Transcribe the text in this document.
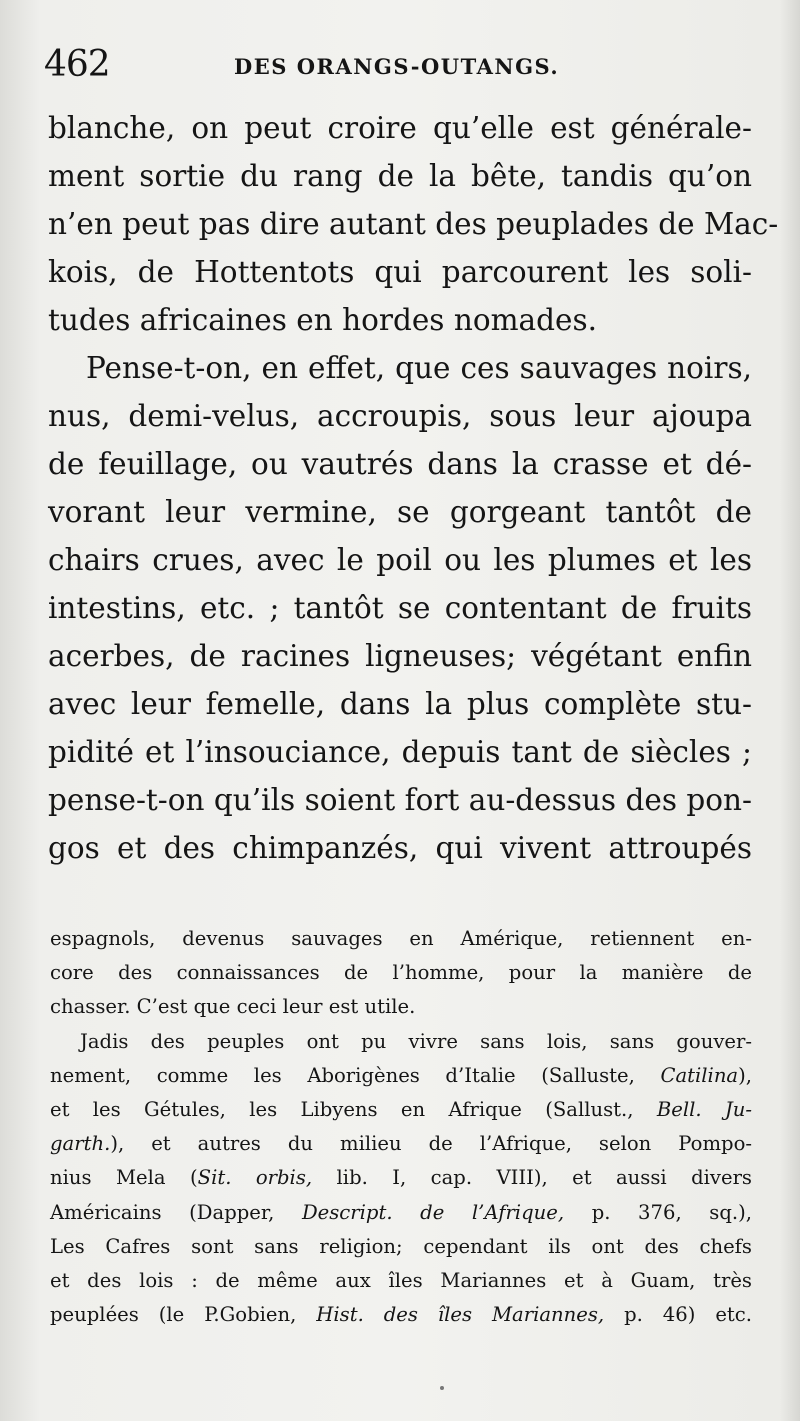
462	DES ORANGS-OUTANGS.
blanche, on peut croire qu’elle est générale-
ment sortie du rang de la bête, tandis qu’on
n’en peut pas dire autant des peuplades de Mac-
kois, de Hottentots qui parcourent les soli-
tudes africaines en hordes nomades.
Pense-t-on, en effet, que ces sauvages noirs,
nus, demi-velus, accroupis, sous leur ajoupa
de feuillage, ou vautrés dans la crasse et dé-
vorant leur vermine, se gorgeant tantôt de
chairs crues, avec le poil ou les plumes et les
intestins, etc. ; tantôt se contentant de fruits
acerbes, de racines ligneuses; végétant enfin
avec leur femelle, dans la plus complète stu-
pidité et l’insouciance, depuis tant de siècles ;
pense-t-on qu’ils soient fort au-dessus des pon-
gos et des chimpanzés, qui vivent attroupés
espagnols, devenus sauvages en Amérique, retiennent en-
core des connaissances de l’homme, pour la manière de
chasser. C’est que ceci leur est utile.
Jadis des peuples ont pu vivre sans lois, sans gouver-
nement, comme les Aborigènes d’Italie (Salluste, Catilina),
et les Gétules, les Libyens en Afrique (Sallust., Bell. Ju-
garth.), et autres du milieu de l’Afrique, selon Pompo-
nius Mela (Sit. orbis, lib. I, cap. VIII), et aussi divers
Américains (Dapper, Descript. de l’Afrique, p. 376, sq.),
Les Cafres sont sans religion; cependant ils ont des chefs
et des lois : de même aux îles Mariannes et à Guam, très
peuplées (le P.Gobien, Hist. des îles Mariannes, p. 46) etc.
